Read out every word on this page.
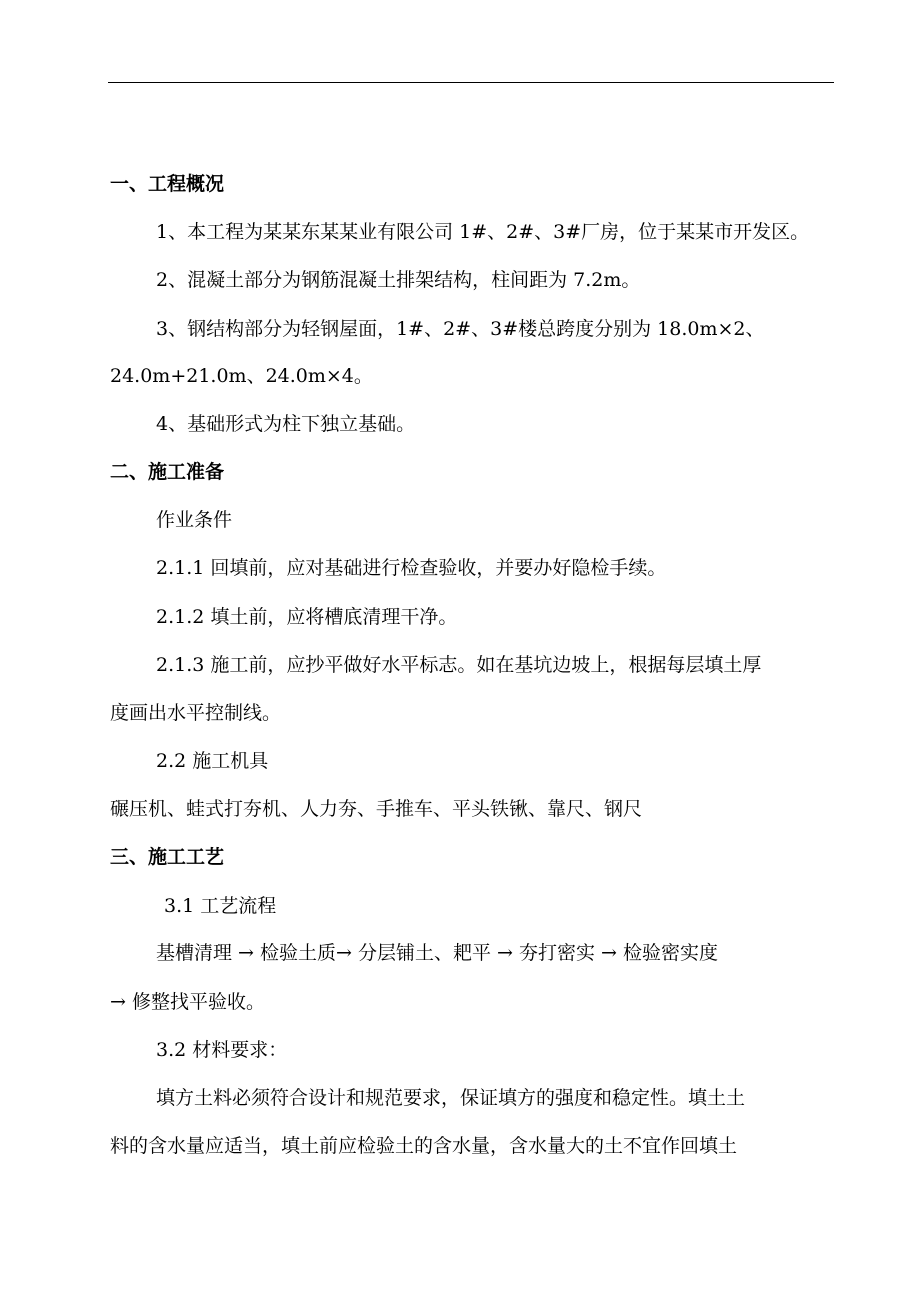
一、工程概况
1、本工程为某某东某某业有限公司 1#、2#、3#厂房，位于某某市开发区。
2、混凝土部分为钢筋混凝土排架结构，柱间距为 7.2m。
3、钢结构部分为轻钢屋面，1#、2#、3#楼总跨度分别为 18.0m×2、
24.0m+21.0m、24.0m×4。
4、基础形式为柱下独立基础。
二、施工准备
作业条件
2.1.1 回填前，应对基础进行检查验收，并要办好隐检手续。
2.1.2 填土前，应将槽底清理干净。
2.1.3 施工前，应抄平做好水平标志。如在基坑边坡上，根据每层填土厚
度画出水平控制线。
2.2 施工机具
碾压机、蛙式打夯机、人力夯、手推车、平头铁锹、靠尺、钢尺
三、施工工艺
3.1 工艺流程
基槽清理 → 检验土质→ 分层铺土、耙平 → 夯打密实 → 检验密实度
→ 修整找平验收。
3.2 材料要求：
填方土料必须符合设计和规范要求，保证填方的强度和稳定性。填土土
料的含水量应适当，填土前应检验土的含水量，含水量大的土不宜作回填土
